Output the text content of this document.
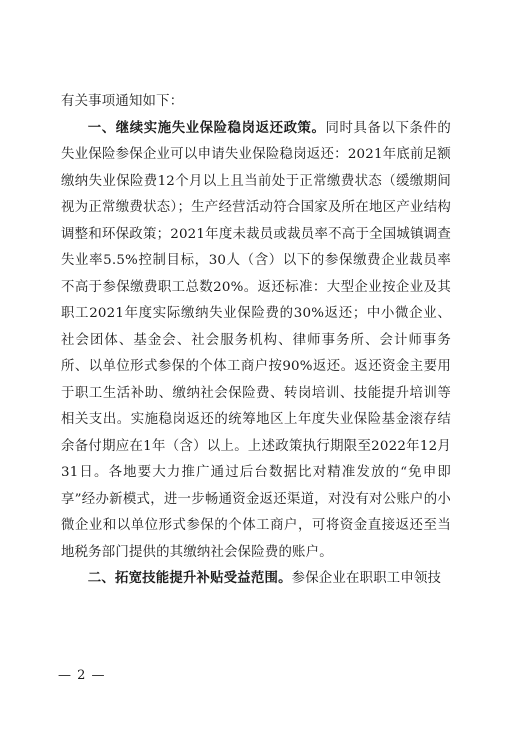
有关事项通知如下：

一、继续实施失业保险稳岗返还政策。同时具备以下条件的失业保险参保企业可以申请失业保险稳岗返还：2021年底前足额缴纳失业保险费12个月以上且当前处于正常缴费状态（缓缴期间视为正常缴费状态）；生产经营活动符合国家及所在地区产业结构调整和环保政策；2021年度未裁员或裁员率不高于全国城镇调查失业率5.5%控制目标，30人（含）以下的参保缴费企业裁员率不高于参保缴费职工总数20%。返还标准：大型企业按企业及其职工2021年度实际缴纳失业保险费的30%返还；中小微企业、社会团体、基金会、社会服务机构、律师事务所、会计师事务所、以单位形式参保的个体工商户按90%返还。返还资金主要用于职工生活补助、缴纳社会保险费、转岗培训、技能提升培训等相关支出。实施稳岗返还的统筹地区上年度失业保险基金滚存结余备付期应在1年（含）以上。上述政策执行期限至2022年12月31日。各地要大力推广通过后台数据比对精准发放的“免申即享”经办新模式，进一步畅通资金返还渠道，对没有对公账户的小微企业和以单位形式参保的个体工商户，可将资金直接返还至当地税务部门提供的其缴纳社会保险费的账户。

二、拓宽技能提升补贴受益范围。参保企业在职职工申领技

— 2 —
